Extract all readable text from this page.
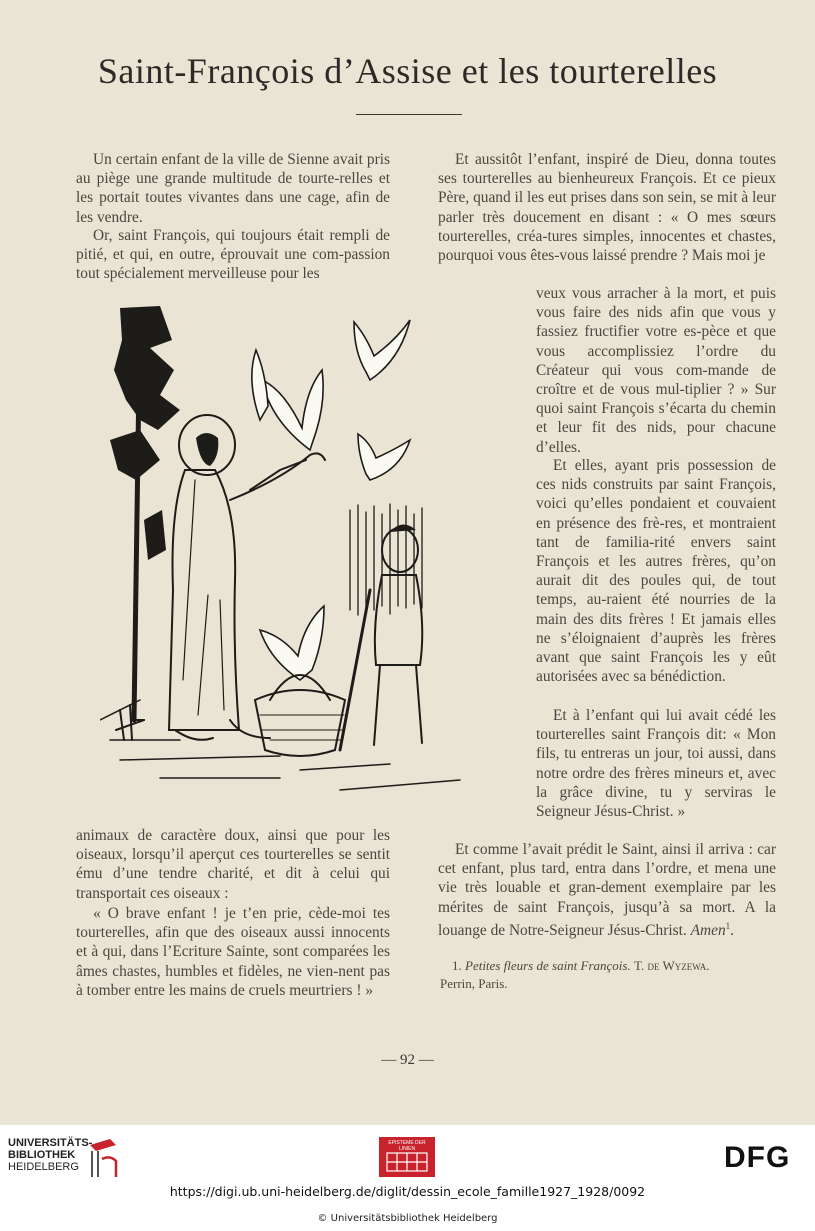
Saint-François d’Assise et les tourterelles

Un certain enfant de la ville de Sienne avait pris au piège une grande multitude de tourte-relles et les portait toutes vivantes dans une cage, afin de les vendre.

Or, saint François, qui toujours était rempli de pitié, et qui, en outre, éprouvait une com-passion tout spécialement merveilleuse pour les

animaux de caractère doux, ainsi que pour les oiseaux, lorsqu’il aperçut ces tourterelles se sentit ému d’une tendre charité, et dit à celui qui transportait ces oiseaux :

« O brave enfant ! je t’en prie, cède-moi tes tourterelles, afin que des oiseaux aussi innocents et à qui, dans l’Ecriture Sainte, sont comparées les âmes chastes, humbles et fidèles, ne vien-nent pas à tomber entre les mains de cruels meurtriers ! »

Et aussitôt l’enfant, inspiré de Dieu, donna toutes ses tourterelles au bienheureux François. Et ce pieux Père, quand il les eut prises dans son sein, se mit à leur parler très doucement en disant : « O mes sœurs tourterelles, créa-tures simples, innocentes et chastes, pourquoi vous êtes-vous laissé prendre ? Mais moi je

veux vous arracher à la mort, et puis vous faire des nids afin que vous y fassiez fructifier votre es-pèce et que vous accomplissiez l’ordre du Créateur qui vous com-mande de croître et de vous mul-tiplier ? » Sur quoi saint François s’écarta du chemin et leur fit des nids, pour chacune d’elles.

Et elles, ayant pris possession de ces nids construits par saint François, voici qu’elles pondaient et couvaient en présence des frè-res, et montraient tant de familia-rité envers saint François et les autres frères, qu’on aurait dit des poules qui, de tout temps, au-raient été nourries de la main des dits frères ! Et jamais elles ne s’éloignaient d’auprès les frères avant que saint François les y eût autorisées avec sa bénédiction.

Et à l’enfant qui lui avait cédé les tourterelles saint François dit: « Mon fils, tu entreras un jour, toi aussi, dans notre ordre des frères mineurs et, avec la grâce divine, tu y serviras le Seigneur Jésus-Christ. »

Et comme l’avait prédit le Saint, ainsi il arriva : car cet enfant, plus tard, entra dans l’ordre, et mena une vie très louable et gran-dement exemplaire par les mérites de saint François, jusqu’à sa mort. A la louange de Notre-Seigneur Jésus-Christ. Amen$^1$.

1. Petites fleurs de saint François. T. de Wyzewa.
Perrin, Paris.
— 92 —
UNIVERSITÄTS-
BIBLIOTHEK
HEIDELBERG
EPISTEME DER LINIEN	DFG
https://digi.ub.uni-heidelberg.de/diglit/dessin_ecole_famille1927_1928/0092
© Universitätsbibliothek Heidelberg
